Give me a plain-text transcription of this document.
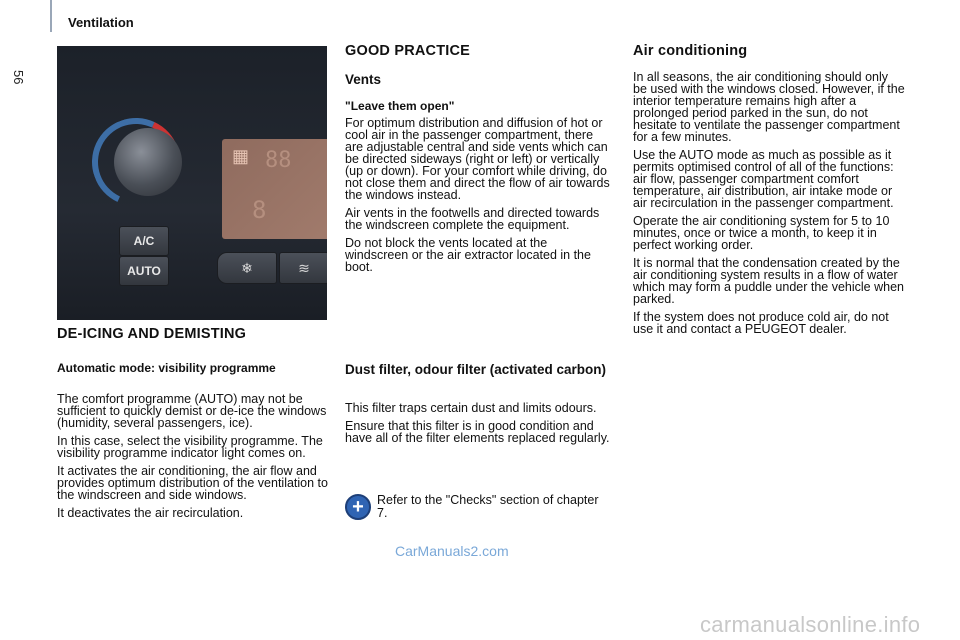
56
Ventilation
▦ 88
8
A/C
AUTO	❄	≋
DE-ICING AND DEMISTING
Automatic mode: visibility programme

The comfort programme (AUTO) may not be sufficient to quickly demist or de-ice the windows (humidity, several passengers, ice).

In this case, select the visibility programme. The visibility programme indicator light comes on.

It activates the air conditioning, the air flow and provides optimum distribution of the ventilation to the windscreen and side windows.

It deactivates the air recirculation.

GOOD PRACTICE
Vents
"Leave them open"

For optimum distribution and diffusion of hot or cool air in the passenger compartment, there are adjustable central and side vents which can be directed sideways (right or left) or vertically (up or down). For your comfort while driving, do not close them and direct the flow of air towards the windows instead.

Air vents in the footwells and directed towards the windscreen complete the equipment.

Do not block the vents located at the windscreen or the air extractor located in the boot.

Dust filter, odour filter (activated carbon)

This filter traps certain dust and limits odours.

Ensure that this filter is in good condition and have all of the filter elements replaced regularly.

+	Refer to the "Checks" section of chapter 7.
Air conditioning

In all seasons, the air conditioning should only be used with the windows closed. However, if the interior temperature remains high after a prolonged period parked in the sun, do not hesitate to ventilate the passenger compartment for a few minutes.

Use the AUTO mode as much as possible as it permits optimised control of all of the functions: air flow, passenger compartment comfort temperature, air distribution, air intake mode or air recirculation in the passenger compartment.

Operate the air conditioning system for 5 to 10 minutes, once or twice a month, to keep it in perfect working order.

It is normal that the condensation created by the air conditioning system results in a flow of water which may form a puddle under the vehicle when parked.

If the system does not produce cold air, do not use it and contact a PEUGEOT dealer.

CarManuals2.com
carmanualsonline.info
